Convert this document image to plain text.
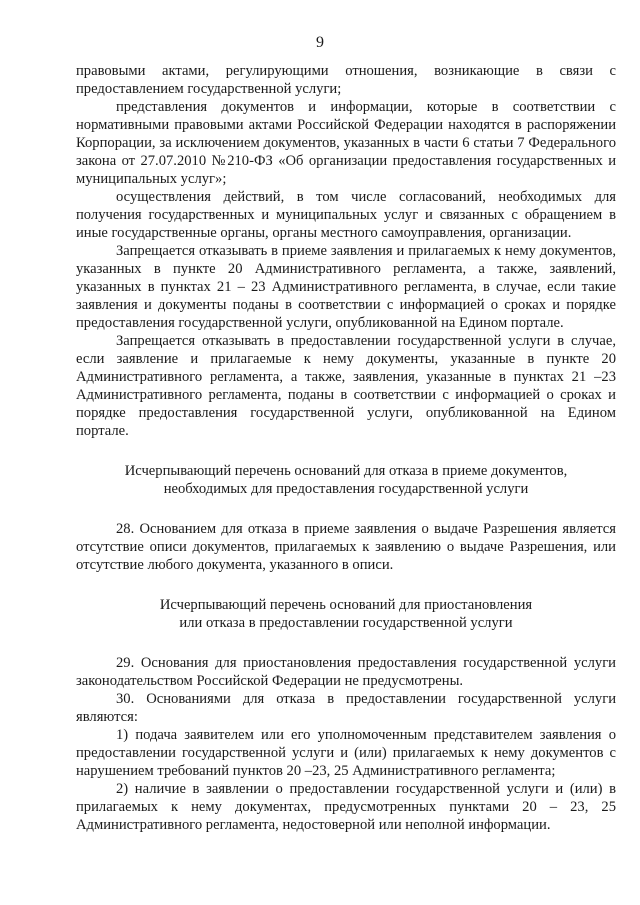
9

правовыми актами, регулирующими отношения, возникающие в связи с предоставлением государственной услуги;

представления документов и информации, которые в соответствии с нормативными правовыми актами Российской Федерации находятся в распоряжении Корпорации, за исключением документов, указанных в части 6 статьи 7 Федерального закона от 27.07.2010 №210-ФЗ «Об организации предоставления государственных и муниципальных услуг»;

осуществления действий, в том числе согласований, необходимых для получения государственных и муниципальных услуг и связанных с обращением в иные государственные органы, органы местного самоуправления, организации.

Запрещается отказывать в приеме заявления и прилагаемых к нему документов, указанных в пункте 20 Административного регламента, а также, заявлений, указанных в пунктах 21 – 23 Административного регламента, в случае, если такие заявления и документы поданы в соответствии с информацией о сроках и порядке предоставления государственной услуги, опубликованной на Едином портале.

Запрещается отказывать в предоставлении государственной услуги в случае, если заявление и прилагаемые к нему документы, указанные в пункте 20 Административного регламента, а также, заявления, указанные в пунктах 21 –23 Административного регламента, поданы в соответствии с информацией о сроках и порядке предоставления государственной услуги, опубликованной на Едином портале.

Исчерпывающий перечень оснований для отказа в приеме документов,

необходимых для предоставления государственной услуги

28. Основанием для отказа в приеме заявления о выдаче Разрешения является отсутствие описи документов, прилагаемых к заявлению о выдаче Разрешения, или отсутствие любого документа, указанного в описи.

Исчерпывающий перечень оснований для приостановления

или отказа в предоставлении государственной услуги

29. Основания для приостановления предоставления государственной услуги законодательством Российской Федерации не предусмотрены.

30. Основаниями для отказа в предоставлении государственной услуги являются:

1) подача заявителем или его уполномоченным представителем заявления о предоставлении государственной услуги и (или) прилагаемых к нему документов с нарушением требований пунктов 20 –23, 25 Административного регламента;

2) наличие в заявлении о предоставлении государственной услуги и (или) в прилагаемых к нему документах, предусмотренных пунктами 20 – 23, 25 Административного регламента, недостоверной или неполной информации.
